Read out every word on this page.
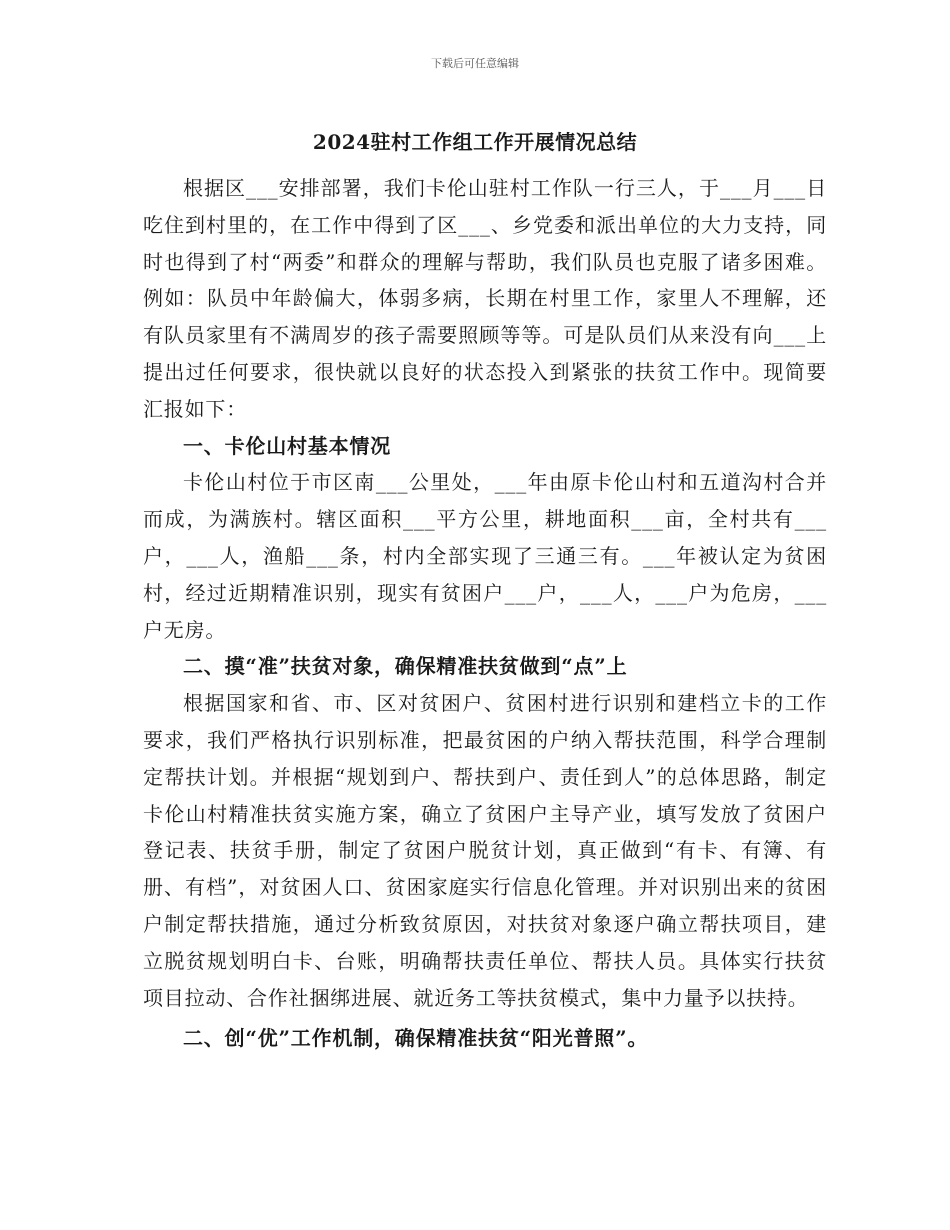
下载后可任意编辑
2024驻村工作组工作开展情况总结

根据区___安排部署，我们卡伦山驻村工作队一行三人，于___月___日吃住到村里的，在工作中得到了区___、乡党委和派出单位的大力支持，同时也得到了村“两委”和群众的理解与帮助，我们队员也克服了诸多困难。例如：队员中年龄偏大，体弱多病，长期在村里工作，家里人不理解，还有队员家里有不满周岁的孩子需要照顾等等。可是队员们从来没有向___上提出过任何要求，很快就以良好的状态投入到紧张的扶贫工作中。现简要汇报如下：

一、卡伦山村基本情况

卡伦山村位于市区南___公里处，___年由原卡伦山村和五道沟村合并而成，为满族村。辖区面积___平方公里，耕地面积___亩，全村共有___户，___人，渔船___条，村内全部实现了三通三有。___年被认定为贫困村，经过近期精准识别，现实有贫困户___户，___人，___户为危房，___户无房。

二、摸“准”扶贫对象，确保精准扶贫做到“点”上

根据国家和省、市、区对贫困户、贫困村进行识别和建档立卡的工作要求，我们严格执行识别标准，把最贫困的户纳入帮扶范围，科学合理制定帮扶计划。并根据“规划到户、帮扶到户、责任到人”的总体思路，制定卡伦山村精准扶贫实施方案，确立了贫困户主导产业，填写发放了贫困户登记表、扶贫手册，制定了贫困户脱贫计划，真正做到“有卡、有簿、有册、有档”，对贫困人口、贫困家庭实行信息化管理。并对识别出来的贫困户制定帮扶措施，通过分析致贫原因，对扶贫对象逐户确立帮扶项目，建立脱贫规划明白卡、台账，明确帮扶责任单位、帮扶人员。具体实行扶贫项目拉动、合作社捆绑进展、就近务工等扶贫模式，集中力量予以扶持。

二、创“优”工作机制，确保精准扶贫“阳光普照”。
